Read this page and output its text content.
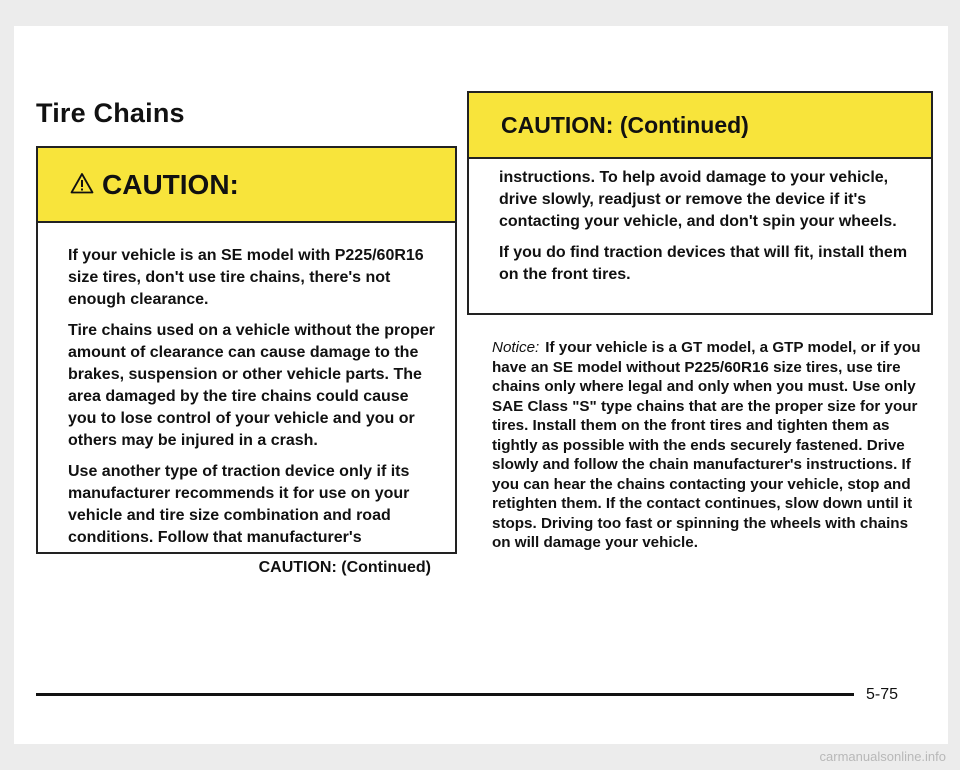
Tire Chains
CAUTION:

If your vehicle is an SE model with P225/60R16 size tires, don't use tire chains, there's not enough clearance.

Tire chains used on a vehicle without the proper amount of clearance can cause damage to the brakes, suspension or other vehicle parts. The area damaged by the tire chains could cause you to lose control of your vehicle and you or others may be injured in a crash.

Use another type of traction device only if its manufacturer recommends it for use on your vehicle and tire size combination and road conditions. Follow that manufacturer's

CAUTION: (Continued)
CAUTION: (Continued)

instructions. To help avoid damage to your vehicle, drive slowly, readjust or remove the device if it's contacting your vehicle, and don't spin your wheels.

If you do find traction devices that will fit, install them on the front tires.

Notice: If your vehicle is a GT model, a GTP model, or if you have an SE model without P225/60R16 size tires, use tire chains only where legal and only when you must. Use only SAE Class "S" type chains that are the proper size for your tires. Install them on the front tires and tighten them as tightly as possible with the ends securely fastened. Drive slowly and follow the chain manufacturer's instructions. If you can hear the chains contacting your vehicle, stop and retighten them. If the contact continues, slow down until it stops. Driving too fast or spinning the wheels with chains on will damage your vehicle.

5-75
carmanualsonline.info
